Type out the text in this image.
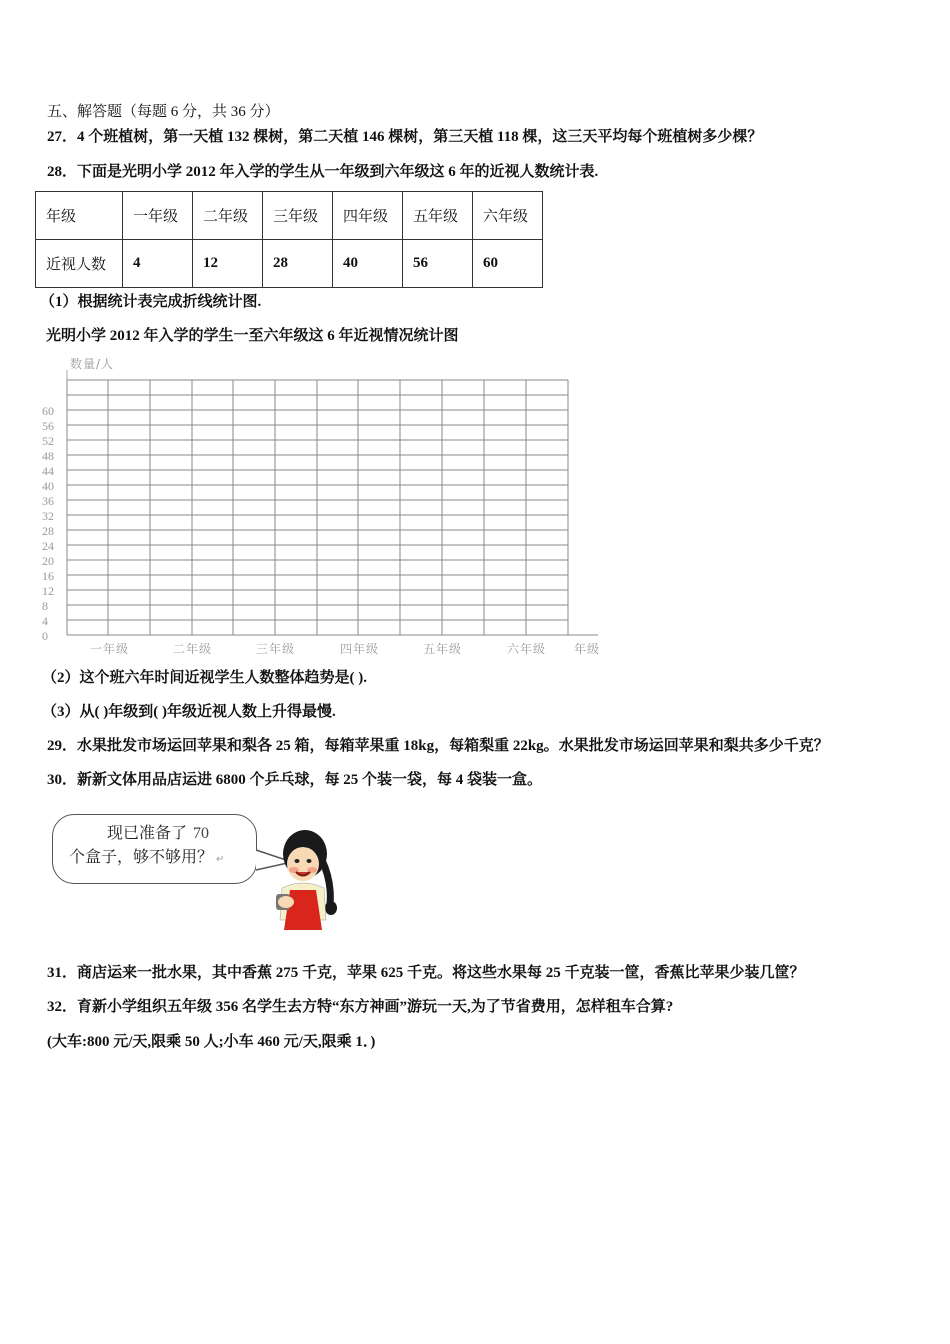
五、解答题（每题 6 分，共 36 分）
27．4 个班植树，第一天植 132 棵树，第二天植 146 棵树，第三天植 118 棵，这三天平均每个班植树多少棵？
28．下面是光明小学 2012 年入学的学生从一年级到六年级这 6 年的近视人数统计表.
年级	一年级	二年级	三年级	四年级	五年级	六年级
近视人数	4	12	28	40	56	60
（1）根据统计表完成折线统计图.
光明小学 2012 年入学的学生一至六年级这 6 年近视情况统计图
数量/人
60
56
52
48
44
40
36
32
28
24
20
16
12
8
4
0
一年级	二年级	三年级	四年级	五年级	六年级 年级
（2）这个班六年时间近视学生人数整体趋势是( ).
（3）从( )年级到( )年级近视人数上升得最慢.
29．水果批发市场运回苹果和梨各 25 箱，每箱苹果重 18kg，每箱梨重 22kg。水果批发市场运回苹果和梨共多少千克？
30．新新文体用品店运进 6800 个乒乓球，每 25 个装一袋，每 4 袋装一盒。
现已准备了 70
个盒子，够不够用？ ↵
31．商店运来一批水果，其中香蕉 275 千克，苹果 625 千克。将这些水果每 25 千克装一筐，香蕉比苹果少装几筐？
32．育新小学组织五年级 356 名学生去方特“东方神画”游玩一天,为了节省费用，怎样租车合算?
(大车:800 元/天,限乘 50 人;小车 460 元/天,限乘 1．)
